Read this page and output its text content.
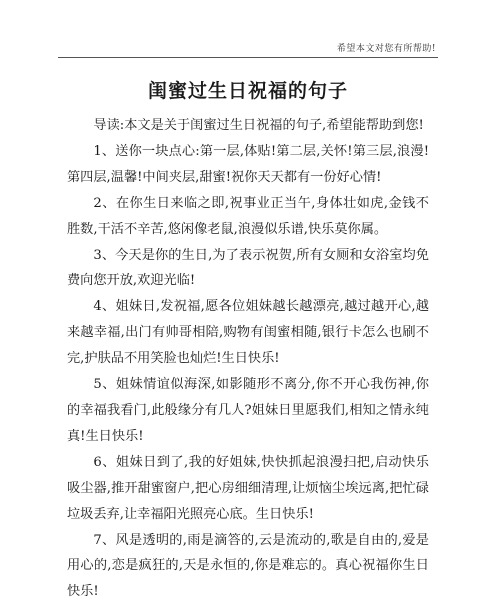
希望本文对您有所帮助!
闺蜜过生日祝福的句子

导读:本文是关于闺蜜过生日祝福的句子,希望能帮助到您!

1、送你一块点心:第一层,体贴!第二层,关怀!第三层,浪漫!第四层,温馨!中间夹层,甜蜜!祝你天天都有一份好心情!

2、在你生日来临之即,祝事业正当午,身体壮如虎,金钱不胜数,干活不辛苦,悠闲像老鼠,浪漫似乐谱,快乐莫你属。

3、今天是你的生日,为了表示祝贺,所有女厕和女浴室均免费向您开放,欢迎光临!

4、姐妹日,发祝福,愿各位姐妹越长越漂亮,越过越开心,越来越幸福,出门有帅哥相陪,购物有闺蜜相随,银行卡怎么也刷不完,护肤品不用笑脸也灿烂!生日快乐!

5、姐妹情谊似海深,如影随形不离分,你不开心我伤神,你的幸福我看门,此般缘分有几人?姐妹日里愿我们,相知之情永纯真!生日快乐!

6、姐妹日到了,我的好姐妹,快快抓起浪漫扫把,启动快乐吸尘器,推开甜蜜窗户,把心房细细清理,让烦恼尘埃远离,把忙碌垃圾丢弃,让幸福阳光照亮心底。生日快乐!

7、风是透明的,雨是滴答的,云是流动的,歌是自由的,爱是用心的,恋是疯狂的,天是永恒的,你是难忘的。真心祝福你生日快乐!
